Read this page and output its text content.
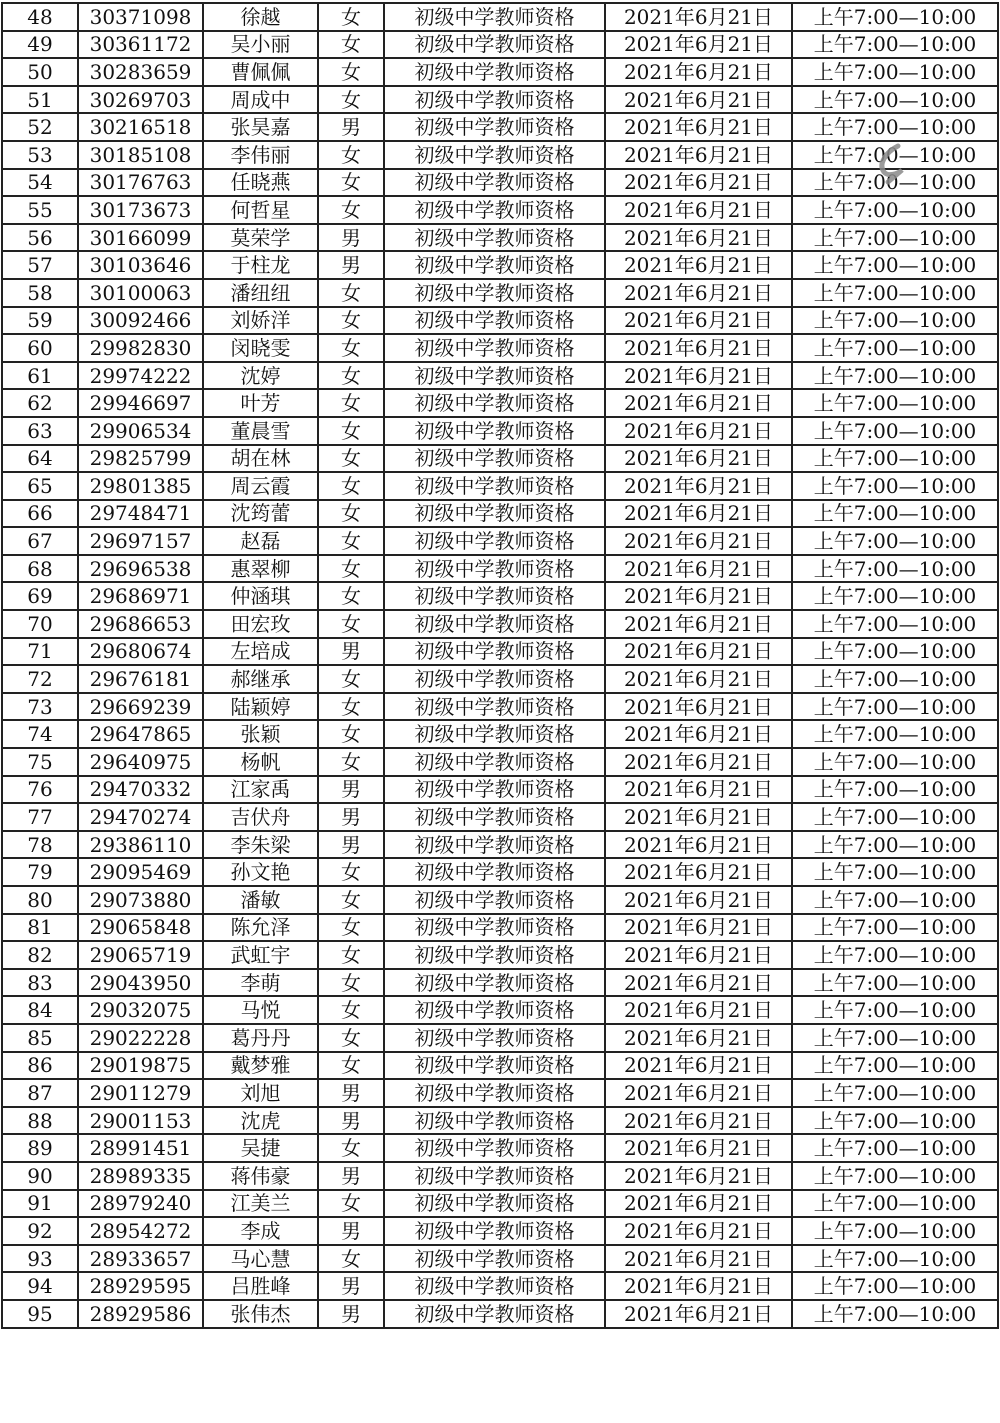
48	30371098	徐越	女	初级中学教师资格	2021年6月21日	上午7:00—10:00
49	30361172	吴小丽	女	初级中学教师资格	2021年6月21日	上午7:00—10:00
50	30283659	曹佩佩	女	初级中学教师资格	2021年6月21日	上午7:00—10:00
51	30269703	周成中	女	初级中学教师资格	2021年6月21日	上午7:00—10:00
52	30216518	张昊嘉	男	初级中学教师资格	2021年6月21日	上午7:00—10:00
53	30185108	李伟丽	女	初级中学教师资格	2021年6月21日	上午7:00—10:00
54	30176763	任晓燕	女	初级中学教师资格	2021年6月21日	上午7:00—10:00
55	30173673	何哲星	女	初级中学教师资格	2021年6月21日	上午7:00—10:00
56	30166099	莫荣学	男	初级中学教师资格	2021年6月21日	上午7:00—10:00
57	30103646	于柱龙	男	初级中学教师资格	2021年6月21日	上午7:00—10:00
58	30100063	潘纽纽	女	初级中学教师资格	2021年6月21日	上午7:00—10:00
59	30092466	刘娇洋	女	初级中学教师资格	2021年6月21日	上午7:00—10:00
60	29982830	闵晓雯	女	初级中学教师资格	2021年6月21日	上午7:00—10:00
61	29974222	沈婷	女	初级中学教师资格	2021年6月21日	上午7:00—10:00
62	29946697	叶芳	女	初级中学教师资格	2021年6月21日	上午7:00—10:00
63	29906534	董晨雪	女	初级中学教师资格	2021年6月21日	上午7:00—10:00
64	29825799	胡在林	女	初级中学教师资格	2021年6月21日	上午7:00—10:00
65	29801385	周云霞	女	初级中学教师资格	2021年6月21日	上午7:00—10:00
66	29748471	沈筠蕾	女	初级中学教师资格	2021年6月21日	上午7:00—10:00
67	29697157	赵磊	女	初级中学教师资格	2021年6月21日	上午7:00—10:00
68	29696538	惠翠柳	女	初级中学教师资格	2021年6月21日	上午7:00—10:00
69	29686971	仲涵琪	女	初级中学教师资格	2021年6月21日	上午7:00—10:00
70	29686653	田宏玫	女	初级中学教师资格	2021年6月21日	上午7:00—10:00
71	29680674	左培成	男	初级中学教师资格	2021年6月21日	上午7:00—10:00
72	29676181	郝继承	女	初级中学教师资格	2021年6月21日	上午7:00—10:00
73	29669239	陆颖婷	女	初级中学教师资格	2021年6月21日	上午7:00—10:00
74	29647865	张颖	女	初级中学教师资格	2021年6月21日	上午7:00—10:00
75	29640975	杨帆	女	初级中学教师资格	2021年6月21日	上午7:00—10:00
76	29470332	江家禹	男	初级中学教师资格	2021年6月21日	上午7:00—10:00
77	29470274	吉伏舟	男	初级中学教师资格	2021年6月21日	上午7:00—10:00
78	29386110	李朱梁	男	初级中学教师资格	2021年6月21日	上午7:00—10:00
79	29095469	孙文艳	女	初级中学教师资格	2021年6月21日	上午7:00—10:00
80	29073880	潘敏	女	初级中学教师资格	2021年6月21日	上午7:00—10:00
81	29065848	陈允泽	女	初级中学教师资格	2021年6月21日	上午7:00—10:00
82	29065719	武虹宇	女	初级中学教师资格	2021年6月21日	上午7:00—10:00
83	29043950	李萌	女	初级中学教师资格	2021年6月21日	上午7:00—10:00
84	29032075	马悦	女	初级中学教师资格	2021年6月21日	上午7:00—10:00
85	29022228	葛丹丹	女	初级中学教师资格	2021年6月21日	上午7:00—10:00
86	29019875	戴梦雅	女	初级中学教师资格	2021年6月21日	上午7:00—10:00
87	29011279	刘旭	男	初级中学教师资格	2021年6月21日	上午7:00—10:00
88	29001153	沈虎	男	初级中学教师资格	2021年6月21日	上午7:00—10:00
89	28991451	吴捷	女	初级中学教师资格	2021年6月21日	上午7:00—10:00
90	28989335	蒋伟豪	男	初级中学教师资格	2021年6月21日	上午7:00—10:00
91	28979240	江美兰	女	初级中学教师资格	2021年6月21日	上午7:00—10:00
92	28954272	李成	男	初级中学教师资格	2021年6月21日	上午7:00—10:00
93	28933657	马心慧	女	初级中学教师资格	2021年6月21日	上午7:00—10:00
94	28929595	吕胜峰	男	初级中学教师资格	2021年6月21日	上午7:00—10:00
95	28929586	张伟杰	男	初级中学教师资格	2021年6月21日	上午7:00—10:00
